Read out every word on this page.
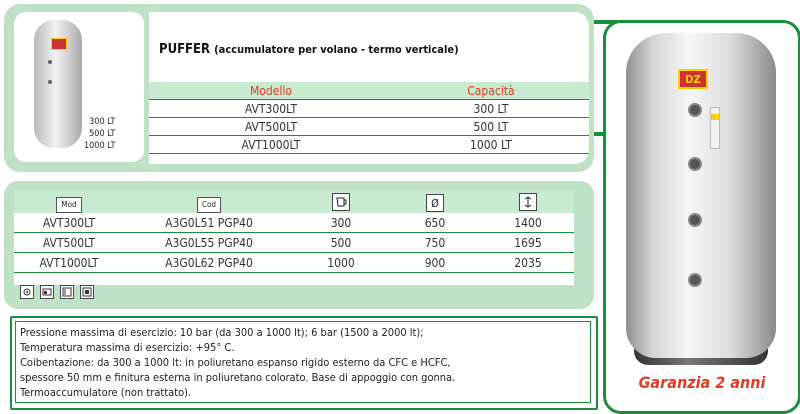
300 LT
500 LT
1000 LT
PUFFER (accumulatore per volano - termo verticale)
Modello	Capacità
AVT300LT	300 LT
AVT500LT	500 LT
AVT1000LT	1000 LT
Mod	Cod		Ø	

AVT300LT	A3G0L51 PGP40	300	650	1400
AVT500LT	A3G0L55 PGP40	500	750	1695
AVT1000LT	A3G0L62 PGP40	1000	900	2035
Pressione massima di esercizio: 10 bar (da 300 a 1000 lt); 6 bar (1500 a 2000 lt);
Temperatura massima di esercizio: +95° C.
Coibentazione: da 300 a 1000 lt: in poliuretano espanso rigido esterno da CFC e HCFC,
spessore 50 mm e finitura esterna in poliuretano colorato. Base di appoggio con gonna.
Termoaccumulatore (non trattato).
DZ
Garanzia 2 anni
